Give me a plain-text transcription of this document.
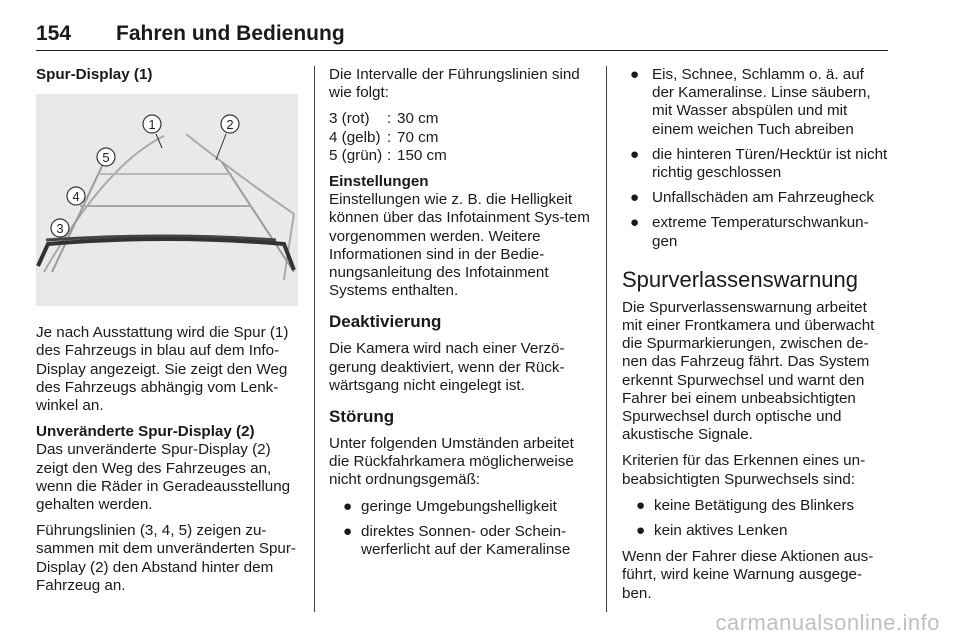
154 Fahren und Bedienung
Spur-Display (1)
1	2
3
4
5

Je nach Ausstattung wird die Spur (1) des Fahrzeugs in blau auf dem Info-Display angezeigt. Sie zeigt den Weg des Fahrzeugs abhängig vom Lenk-winkel an.

Unveränderte Spur-Display (2)
Das unveränderte Spur-Display (2) zeigt den Weg des Fahrzeuges an, wenn die Räder in Geradeausstellung gehalten werden.

Führungslinien (3, 4, 5) zeigen zu-sammen mit dem unveränderten Spur-Display (2) den Abstand hinter dem Fahrzeug an.

Die Intervalle der Führungslinien sind wie folgt:

3 (rot)	:	30 cm
4 (gelb)	:	70 cm
5 (grün)	:	150 cm

Einstellungen
Einstellungen wie z. B. die Helligkeit können über das Infotainment Sys-tem vorgenommen werden. Weitere Informationen sind in der Bedie-nungsanleitung des Infotainment Systems enthalten.

Deaktivierung

Die Kamera wird nach einer Verzö-gerung deaktiviert, wenn der Rück-wärtsgang nicht eingelegt ist.

Störung

Unter folgenden Umständen arbeitet die Rückfahrkamera möglicherweise nicht ordnungsgemäß:

● geringe Umgebungshelligkeit
● direktes Sonnen- oder Schein-werferlicht auf der Kameralinse
● Eis, Schnee, Schlamm o. ä. auf der Kameralinse. Linse säubern, mit Wasser abspülen und mit einem weichen Tuch abreiben
● die hinteren Türen/Hecktür ist nicht richtig geschlossen
● Unfallschäden am Fahrzeugheck
● extreme Temperaturschwankun-gen
Spurverlassenswarnung

Die Spurverlassenswarnung arbeitet mit einer Frontkamera und überwacht die Spurmarkierungen, zwischen de-nen das Fahrzeug fährt. Das System erkennt Spurwechsel und warnt den Fahrer bei einem unbeabsichtigten Spurwechsel durch optische und akustische Signale.

Kriterien für das Erkennen eines un-beabsichtigten Spurwechsels sind:

● keine Betätigung des Blinkers
● kein aktives Lenken

Wenn der Fahrer diese Aktionen aus-führt, wird keine Warnung ausgege-ben.

carmanualsonline.info
